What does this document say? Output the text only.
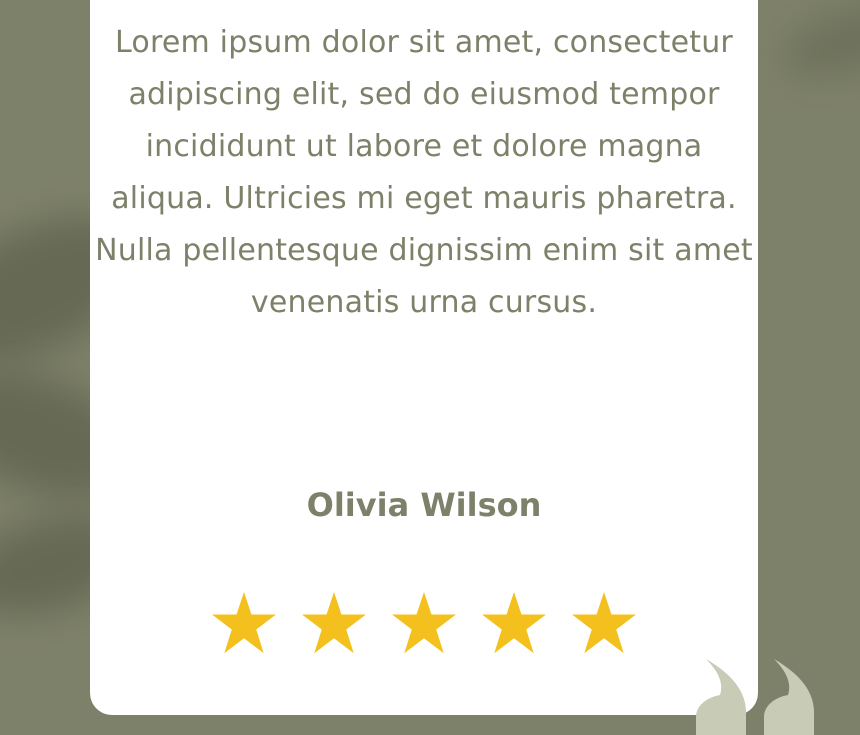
Lorem ipsum dolor sit amet, consectetur adipiscing elit, sed do eiusmod tempor incididunt ut labore et dolore magna aliqua. Ultricies mi eget mauris pharetra. Nulla pellentesque dignissim enim sit amet venenatis urna cursus.

Olivia Wilson
